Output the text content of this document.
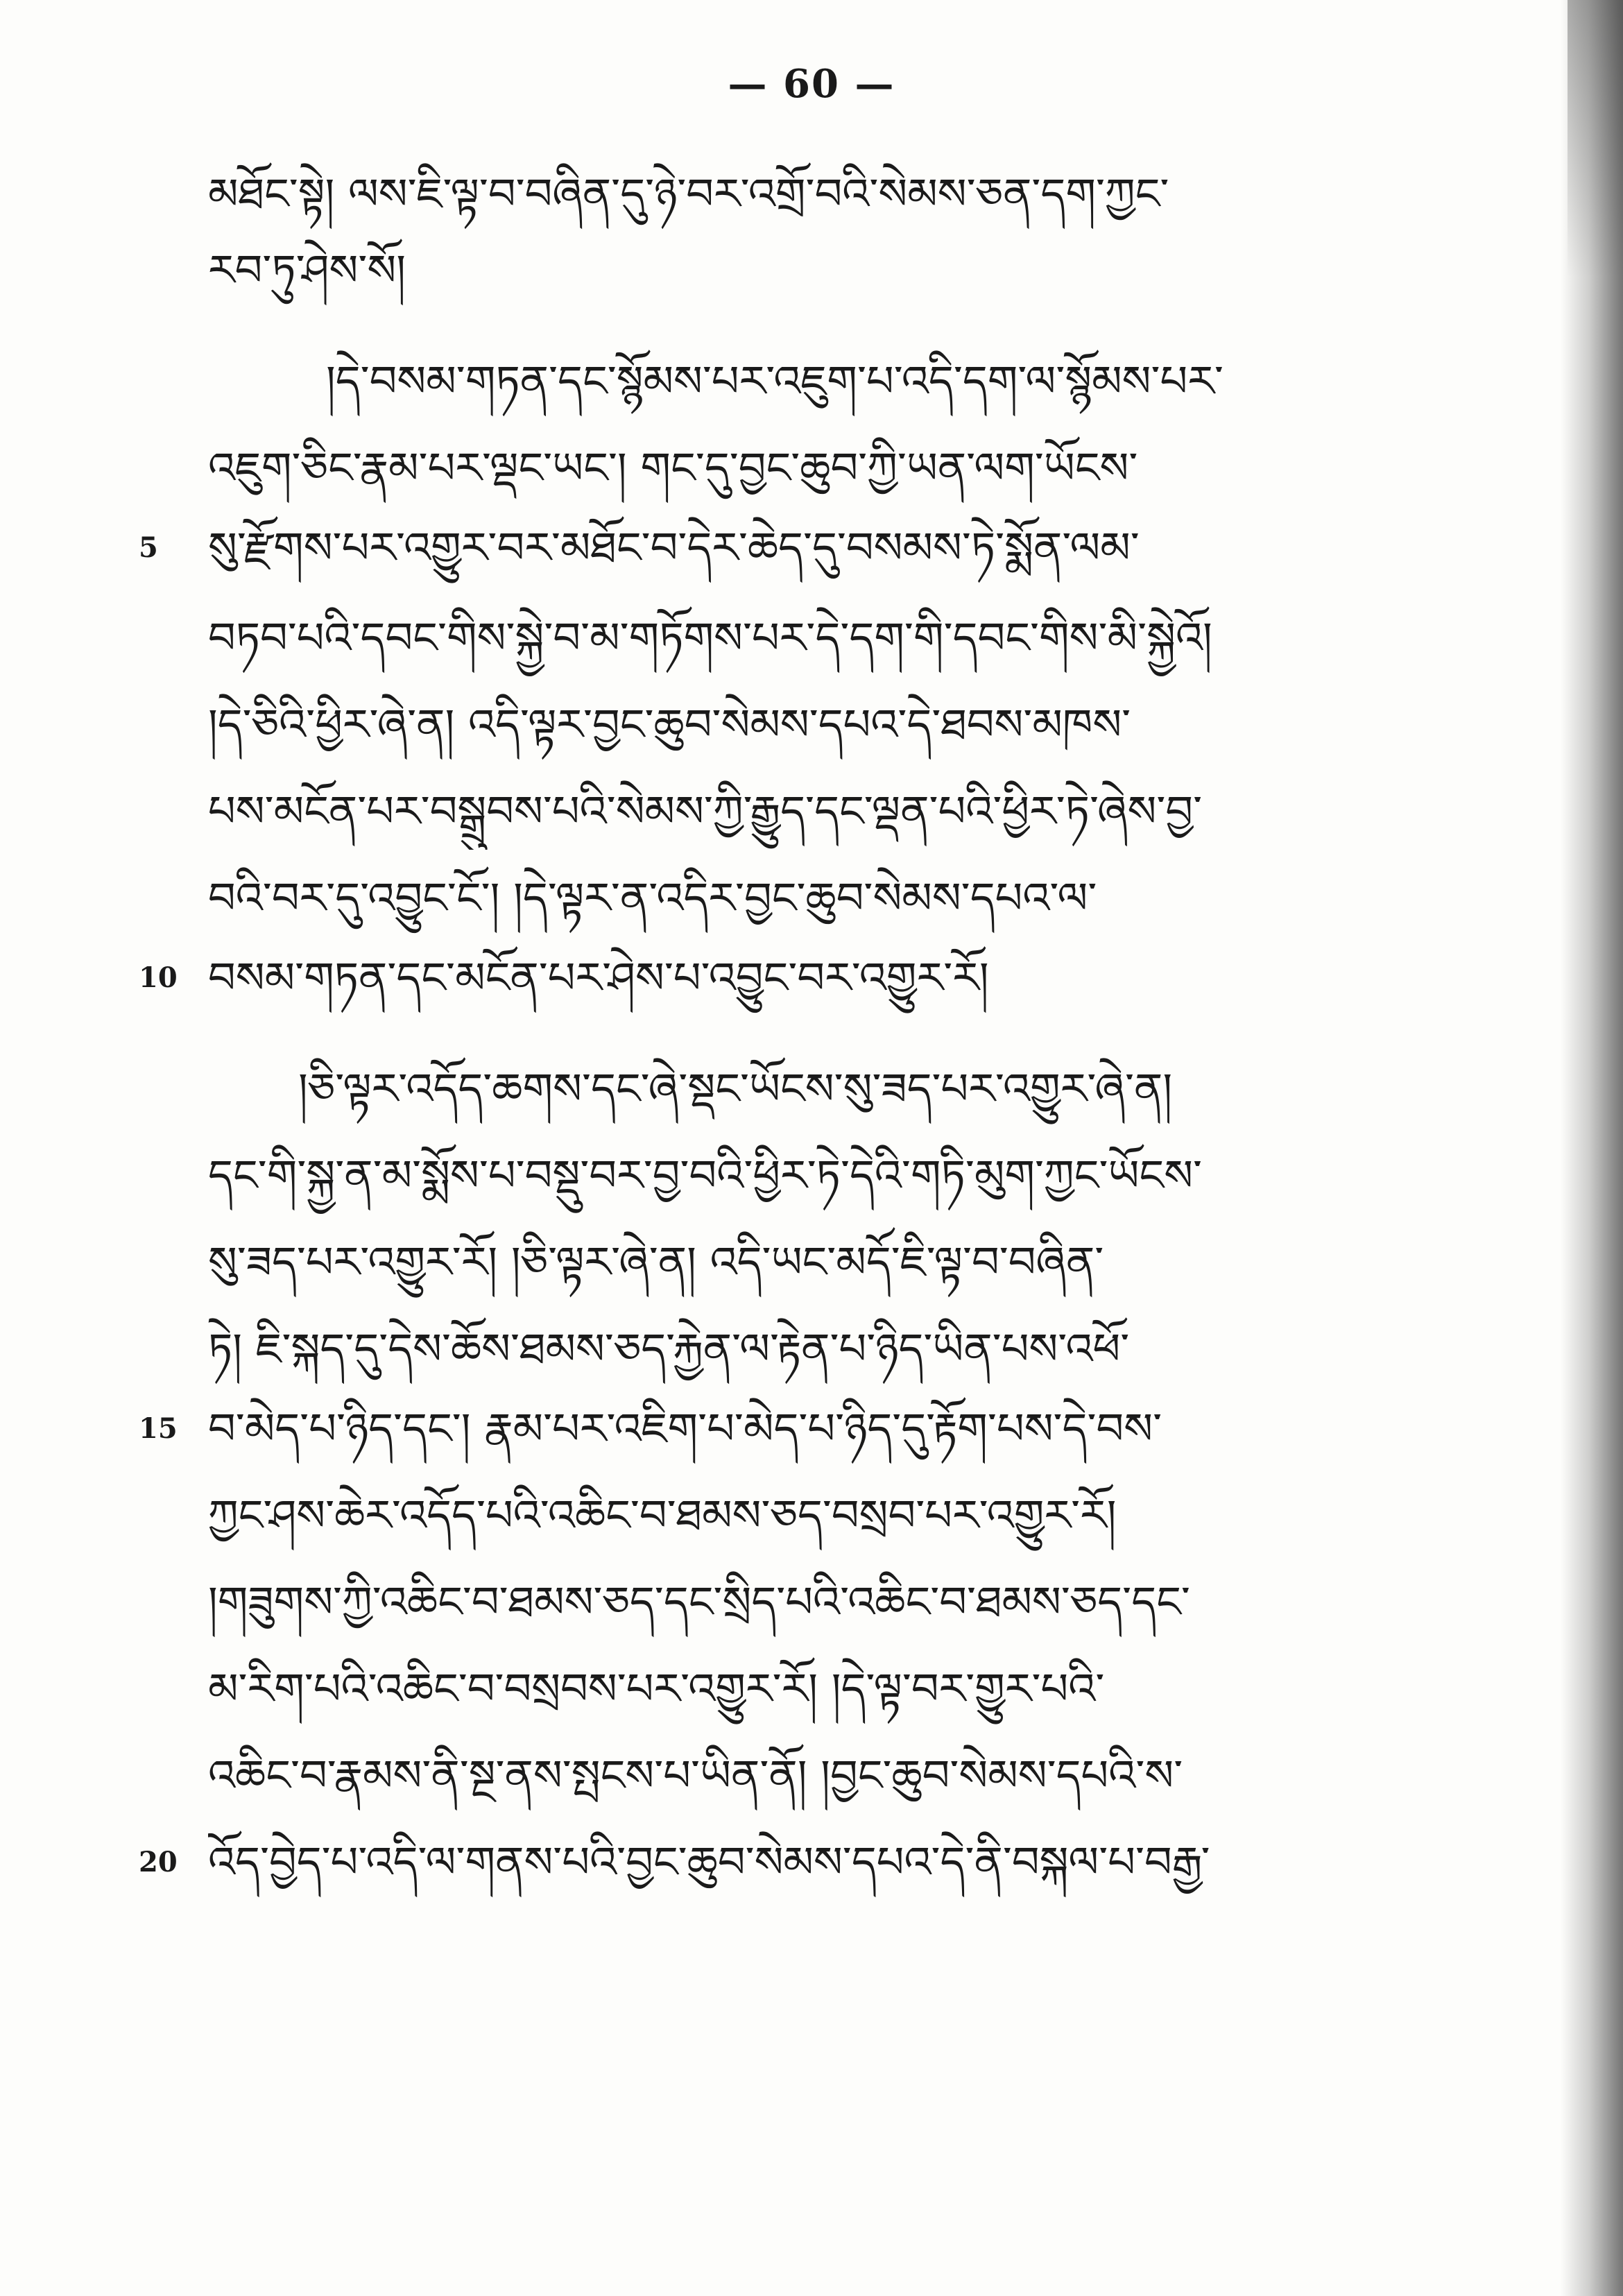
— 60 —
མཐོང་སྟེ། ལས་ཇི་ལྟ་བ་བཞིན་དུ་ཉེ་བར་འགྲོ་བའི་སེམས་ཅན་དག་ཀྱང་
རབ་ཏུ་ཤེས་སོ།
།དེ་བསམ་གཏན་དང་སྙོམས་པར་འཇུག་པ་འདི་དག་ལ་སྙོམས་པར་
འཇུག་ཅིང་རྣམ་པར་ལྡང་ཡང་། གང་དུ་བྱང་ཆུབ་ཀྱི་ཡན་ལག་ཡོངས་
5	སུ་རྫོགས་པར་འགྱུར་བར་མཐོང་བ་དེར་ཆེད་དུ་བསམས་ཏེ་སྨོན་ལམ་
བཏབ་པའི་དབང་གིས་སྐྱེ་བ་མ་གཏོགས་པར་དེ་དག་གི་དབང་གིས་མི་སྐྱེའོ།
།དེ་ཅིའི་ཕྱིར་ཞེ་ན། འདི་ལྟར་བྱང་ཆུབ་སེམས་དཔའ་དེ་ཐབས་མཁས་
པས་མངོན་པར་བསྒྲུབས་པའི་སེམས་ཀྱི་རྒྱུད་དང་ལྡན་པའི་ཕྱིར་ཏེ་ཞེས་བྱ་
བའི་བར་དུ་འབྱུང་ངོ་། །དེ་ལྟར་ན་འདིར་བྱང་ཆུབ་སེམས་དཔའ་ལ་
10 བསམ་གཏན་དང་མངོན་པར་ཤེས་པ་འབྱུང་བར་འགྱུར་རོ།
།ཅི་ལྟར་འདོད་ཆགས་དང་ཞེ་སྡང་ཡོངས་སུ་ཟད་པར་འགྱུར་ཞེ་ན།
དང་གི་སྐྱ་ན་མ་སྨོས་པ་བསྡུ་བར་བྱ་བའི་ཕྱིར་ཏེ་དེའི་གཏི་མུག་ཀྱང་ཡོངས་
སུ་ཟད་པར་འགྱུར་རོ། །ཅི་ལྟར་ཞེ་ན། འདི་ཡང་མདོ་ཇི་ལྟ་བ་བཞིན་
ཏེ། ཇི་སྐད་དུ་དེས་ཆོས་ཐམས་ཅད་རྐྱེན་ལ་རྟེན་པ་ཉིད་ཡིན་པས་འཕོ་
15 བ་མེད་པ་ཉིད་དང་། རྣམ་པར་འཇིག་པ་མེད་པ་ཉིད་དུ་རྟོག་པས་དེ་བས་
ཀྱང་ཤས་ཆེར་འདོད་པའི་འཆིང་བ་ཐམས་ཅད་བསྲབ་པར་འགྱུར་རོ།
།གཟུགས་ཀྱི་འཆིང་བ་ཐམས་ཅད་དང་སྲིད་པའི་འཆིང་བ་ཐམས་ཅད་དང་
མ་རིག་པའི་འཆིང་བ་བསྲབས་པར་འགྱུར་རོ། །དེ་ལྟ་བར་གྱུར་པའི་
འཆིང་བ་རྣམས་ནི་སྔ་ནས་སྤངས་པ་ཡིན་ནོ། །བྱང་ཆུབ་སེམས་དཔའི་ས་
20 འོད་བྱེད་པ་འདི་ལ་གནས་པའི་བྱང་ཆུབ་སེམས་དཔའ་དེ་ནི་བསྐལ་པ་བརྒྱ་
